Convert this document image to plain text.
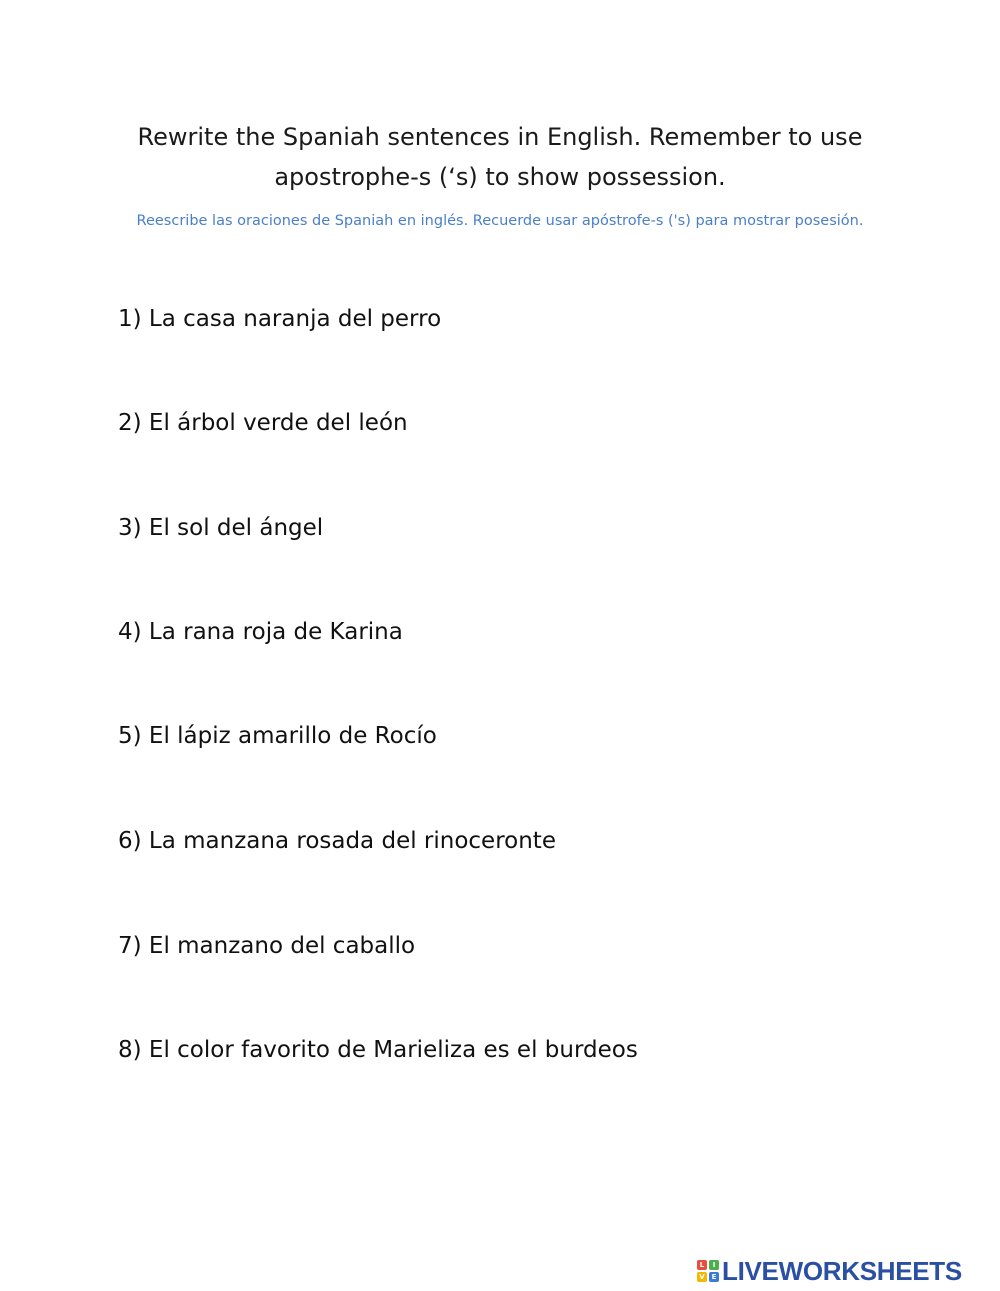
Rewrite the Spaniah sentences in English. Remember to use apostrophe-s (‘s) to show possession.
Reescribe las oraciones de Spaniah en inglés. Recuerde usar apóstrofe-s ('s) para mostrar posesión.
1) La casa naranja del perro
2) El árbol verde del león
3) El sol del ángel
4) La rana roja de Karina
5) El lápiz amarillo de Rocío
6) La manzana rosada del rinoceronte
7) El manzano del caballo
8) El color favorito de Marieliza es el burdeos
L	I
V E LIVEWORKSHEETS
